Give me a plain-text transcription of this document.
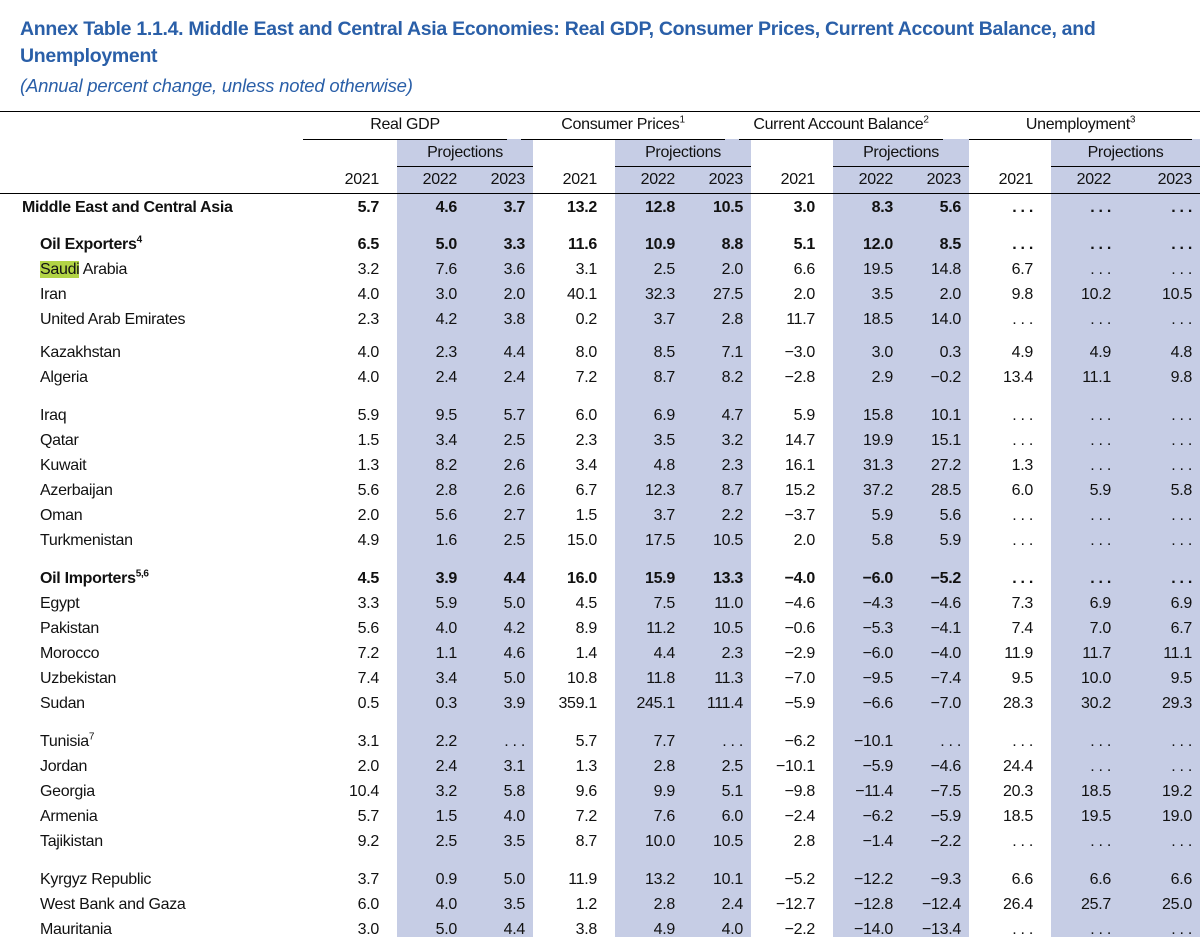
Annex Table 1.1.4. Middle East and Central Asia Economies: Real GDP, Consumer Prices, Current Account Balance, and Unemployment
(Annual percent change, unless noted otherwise)
Real GDP	Consumer Prices$^1$	Current Account Balance$^2$	Unemployment$^3$
Projections	Projections	Projections	Projections
2021	2022	2023	2021	2022	2023	2021	2022	2023	2021	2022	2023
Middle East and Central Asia	5.7	4.6	3.7	13.2	12.8	10.5	3.0	8.3	5.6	. . .	. . .	. . .
Oil Exporters$^4$	6.5	5.0	3.3	11.6	10.9	8.8	5.1	12.0	8.5	. . .	. . .	. . .
Saudi Arabia	3.2	7.6	3.6	3.1	2.5	2.0	6.6	19.5	14.8	6.7	. . .	. . .
Iran	4.0	3.0	2.0	40.1	32.3	27.5	2.0	3.5	2.0	9.8	10.2	10.5
United Arab Emirates	2.3	4.2	3.8	0.2	3.7	2.8	11.7	18.5	14.0	. . .	. . .	. . .
Kazakhstan	4.0	2.3	4.4	8.0	8.5	7.1	−3.0	3.0	0.3	4.9	4.9	4.8
Algeria	4.0	2.4	2.4	7.2	8.7	8.2	−2.8	2.9	−0.2	13.4	11.1	9.8
Iraq	5.9	9.5	5.7	6.0	6.9	4.7	5.9	15.8	10.1	. . .	. . .	. . .
Qatar	1.5	3.4	2.5	2.3	3.5	3.2	14.7	19.9	15.1	. . .	. . .	. . .
Kuwait	1.3	8.2	2.6	3.4	4.8	2.3	16.1	31.3	27.2	1.3	. . .	. . .
Azerbaijan	5.6	2.8	2.6	6.7	12.3	8.7	15.2	37.2	28.5	6.0	5.9	5.8
Oman	2.0	5.6	2.7	1.5	3.7	2.2	−3.7	5.9	5.6	. . .	. . .	. . .
Turkmenistan	4.9	1.6	2.5	15.0	17.5	10.5	2.0	5.8	5.9	. . .	. . .	. . .
Oil Importers$^{5,6}$	4.5	3.9	4.4	16.0	15.9	13.3	−4.0	−6.0	−5.2	. . .	. . .	. . .
Egypt	3.3	5.9	5.0	4.5	7.5	11.0	−4.6	−4.3	−4.6	7.3	6.9	6.9
Pakistan	5.6	4.0	4.2	8.9	11.2	10.5	−0.6	−5.3	−4.1	7.4	7.0	6.7
Morocco	7.2	1.1	4.6	1.4	4.4	2.3	−2.9	−6.0	−4.0	11.9	11.7	11.1
Uzbekistan	7.4	3.4	5.0	10.8	11.8	11.3	−7.0	−9.5	−7.4	9.5	10.0	9.5
Sudan	0.5	0.3	3.9	359.1	245.1	111.4	−5.9	−6.6	−7.0	28.3	30.2	29.3
Tunisia$^7$	3.1	2.2	. . .	5.7	7.7	. . .	−6.2	−10.1	. . .	. . .	. . .	. . .
Jordan	2.0	2.4	3.1	1.3	2.8	2.5	−10.1	−5.9	−4.6	24.4	. . .	. . .
Georgia	10.4	3.2	5.8	9.6	9.9	5.1	−9.8	−11.4	−7.5	20.3	18.5	19.2
Armenia	5.7	1.5	4.0	7.2	7.6	6.0	−2.4	−6.2	−5.9	18.5	19.5	19.0
Tajikistan	9.2	2.5	3.5	8.7	10.0	10.5	2.8	−1.4	−2.2	. . .	. . .	. . .
Kyrgyz Republic	3.7	0.9	5.0	11.9	13.2	10.1	−5.2	−12.2	−9.3	6.6	6.6	6.6
West Bank and Gaza	6.0	4.0	3.5	1.2	2.8	2.4	−12.7	−12.8	−12.4	26.4	25.7	25.0
Mauritania	3.0	5.0	4.4	3.8	4.9	4.0	−2.2	−14.0	−13.4	. . .	. . .	. . .
